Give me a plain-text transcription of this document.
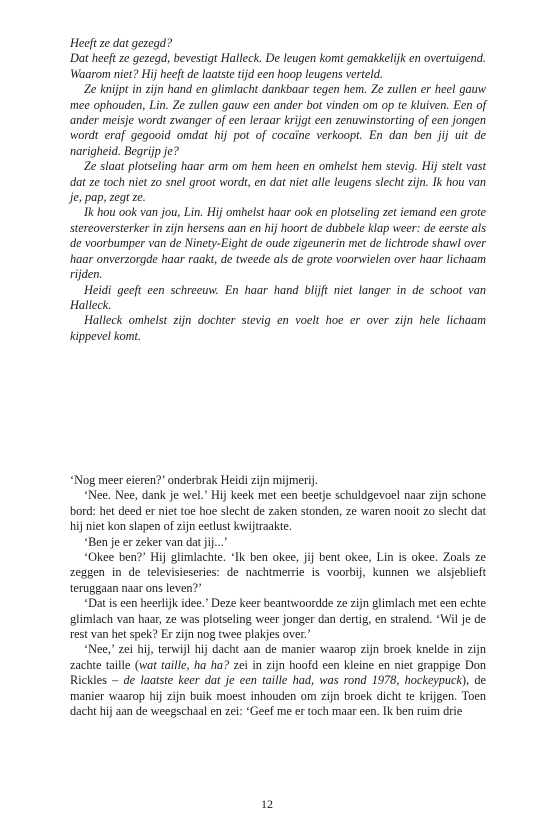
Heeft ze dat gezegd?

Dat heeft ze gezegd, bevestigt Halleck. De leugen komt gemakkelijk en overtuigend. Waarom niet? Hij heeft de laatste tijd een hoop leugens verteld.

Ze knijpt in zijn hand en glimlacht dankbaar tegen hem. Ze zullen er heel gauw mee ophouden, Lin. Ze zullen gauw een ander bot vinden om op te kluiven. Een of ander meisje wordt zwanger of een leraar krijgt een zenuwinstorting of een jongen wordt eraf gegooid omdat hij pot of cocaïne verkoopt. En dan ben jij uit de narigheid. Begrijp je?

Ze slaat plotseling haar arm om hem heen en omhelst hem stevig. Hij stelt vast dat ze toch niet zo snel groot wordt, en dat niet alle leugens slecht zijn. Ik hou van je, pap, zegt ze.

Ik hou ook van jou, Lin. Hij omhelst haar ook en plotseling zet iemand een grote stereoversterker in zijn hersens aan en hij hoort de dubbele klap weer: de eerste als de voorbumper van de Ninety-Eight de oude zigeunerin met de lichtrode shawl over haar onverzorgde haar raakt, de tweede als de grote voorwielen over haar lichaam rijden.

Heidi geeft een schreeuw. En haar hand blijft niet langer in de schoot van Halleck.

Halleck omhelst zijn dochter stevig en voelt hoe er over zijn hele lichaam kippevel komt.

‘Nog meer eieren?’ onderbrak Heidi zijn mijmerij.

‘Nee. Nee, dank je wel.’ Hij keek met een beetje schuldgevoel naar zijn schone bord: het deed er niet toe hoe slecht de zaken stonden, ze waren nooit zo slecht dat hij niet kon slapen of zijn eetlust kwijtraakte.

‘Ben je er zeker van dat jij...’

‘Okee ben?’ Hij glimlachte. ‘Ik ben okee, jij bent okee, Lin is okee. Zoals ze zeggen in de televisieseries: de nachtmerrie is voorbij, kunnen we alsjeblieft teruggaan naar ons leven?’

‘Dat is een heerlijk idee.’ Deze keer beantwoordde ze zijn glimlach met een echte glimlach van haar, ze was plotseling weer jonger dan dertig, en stralend. ‘Wil je de rest van het spek? Er zijn nog twee plakjes over.’

‘Nee,’ zei hij, terwijl hij dacht aan de manier waarop zijn broek knelde in zijn zachte taille (wat taille, ha ha? zei in zijn hoofd een kleine en niet grappige Don Rickles – de laatste keer dat je een taille had, was rond 1978, hockeypuck), de manier waarop hij zijn buik moest inhouden om zijn broek dicht te krijgen. Toen dacht hij aan de weegschaal en zei: ‘Geef me er toch maar een. Ik ben ruim drie

12
